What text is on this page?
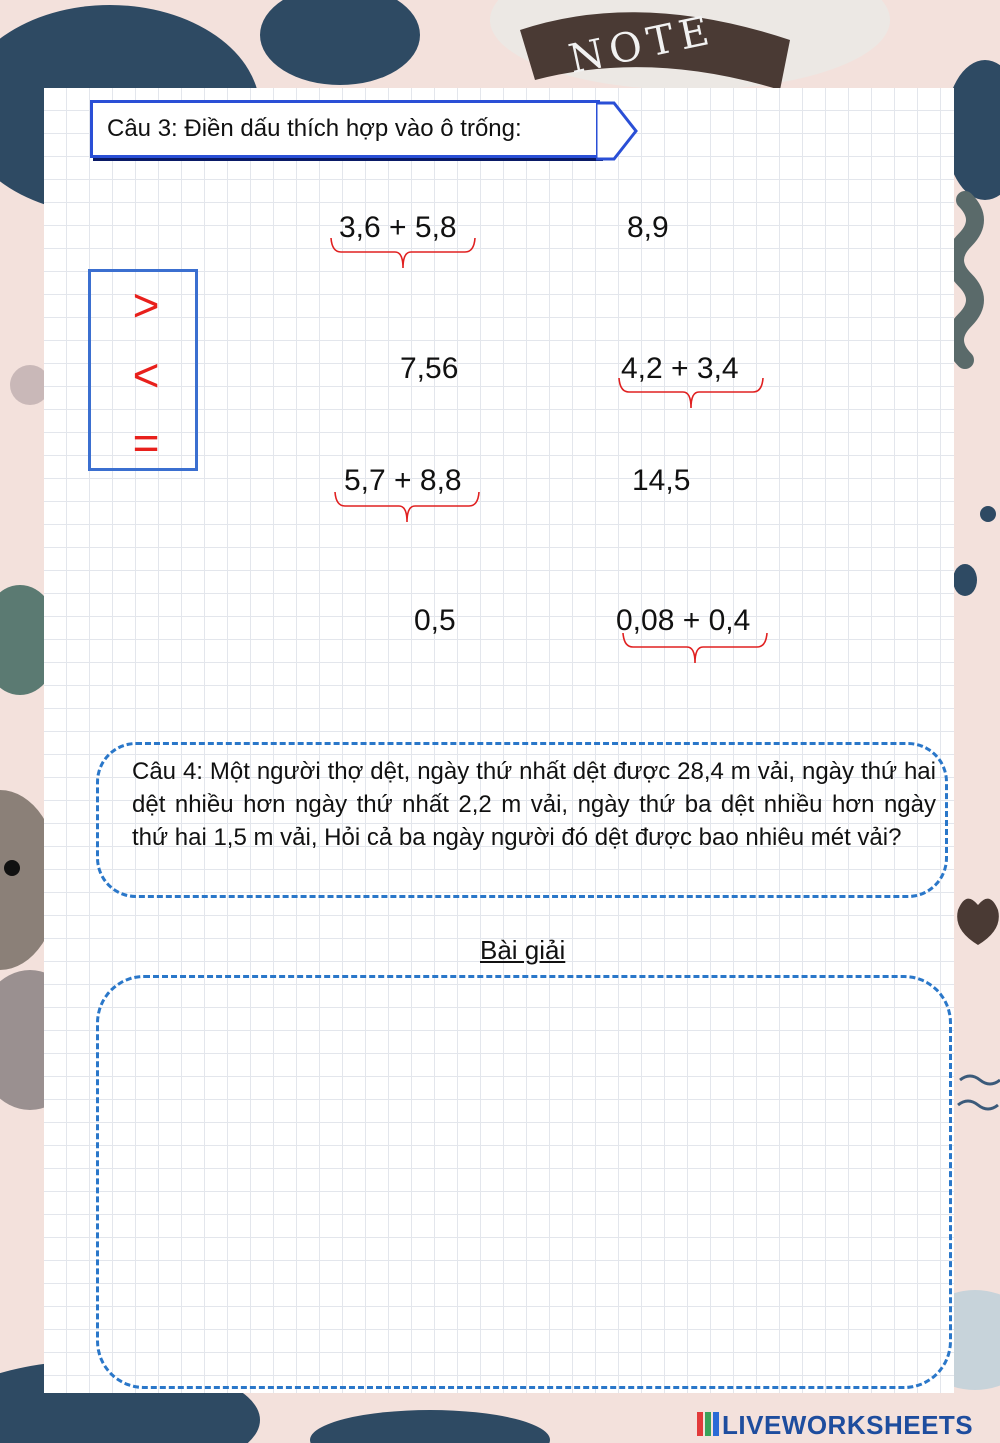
NOTE
Câu 3: Điền dấu thích hợp vào ô trống:
>
<
=
3,6 + 5,8	8,9
7,56	4,2 + 3,4
5,7 + 8,8	14,5
0,5	0,08 + 0,4
Câu 4: Một người thợ dệt, ngày thứ nhất dệt được 28,4 m vải, ngày thứ hai dệt nhiều hơn ngày thứ nhất 2,2 m vải, ngày thứ ba dệt nhiều hơn ngày thứ hai 1,5 m vải, Hỏi cả ba ngày người đó dệt được bao nhiêu mét vải?
Bài giải
LIVEWORKSHEETS
